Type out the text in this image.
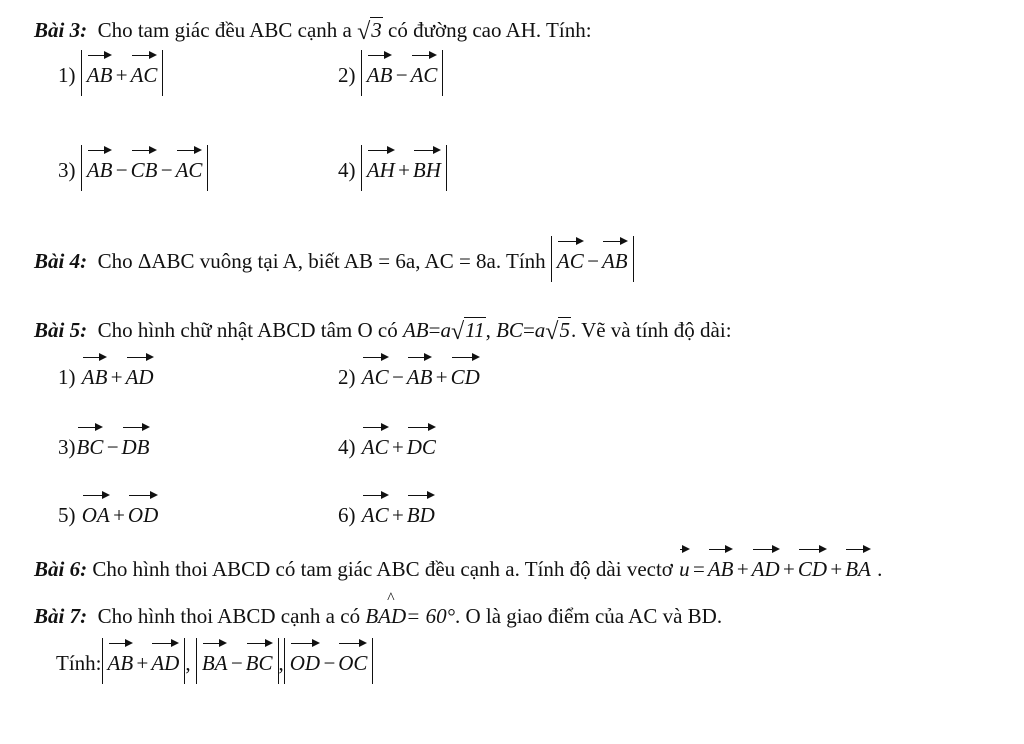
Bài 3: Cho tam giác đều ABC cạnh a √3 có đường cao AH. Tính:
1) AB+AC	2) AB−AC
3) AB−CB−AC	4) AH+BH
Bài 4: Cho ΔABC vuông tại A, biết AB = 6a, AC = 8a. Tính AC−AB
Bài 5: Cho hình chữ nhật ABCD tâm O có AB=a√11, BC=a√5. Vẽ và tính độ dài:
1) AB+AD	2) AC−AB+CD
3)BC−DB	4) AC+DC
5) OA+OD	6) AC+BD
Bài 6: Cho hình thoi ABCD có tam giác ABC đều cạnh a. Tính độ dài vectơ u=AB+AD+CD+BA .
Bài 7: Cho hình thoi ABCD cạnh a có B^ AD= 60°. O là giao điểm của AC và BD.
Tính: AB+AD , BA−BC , OD−OC
